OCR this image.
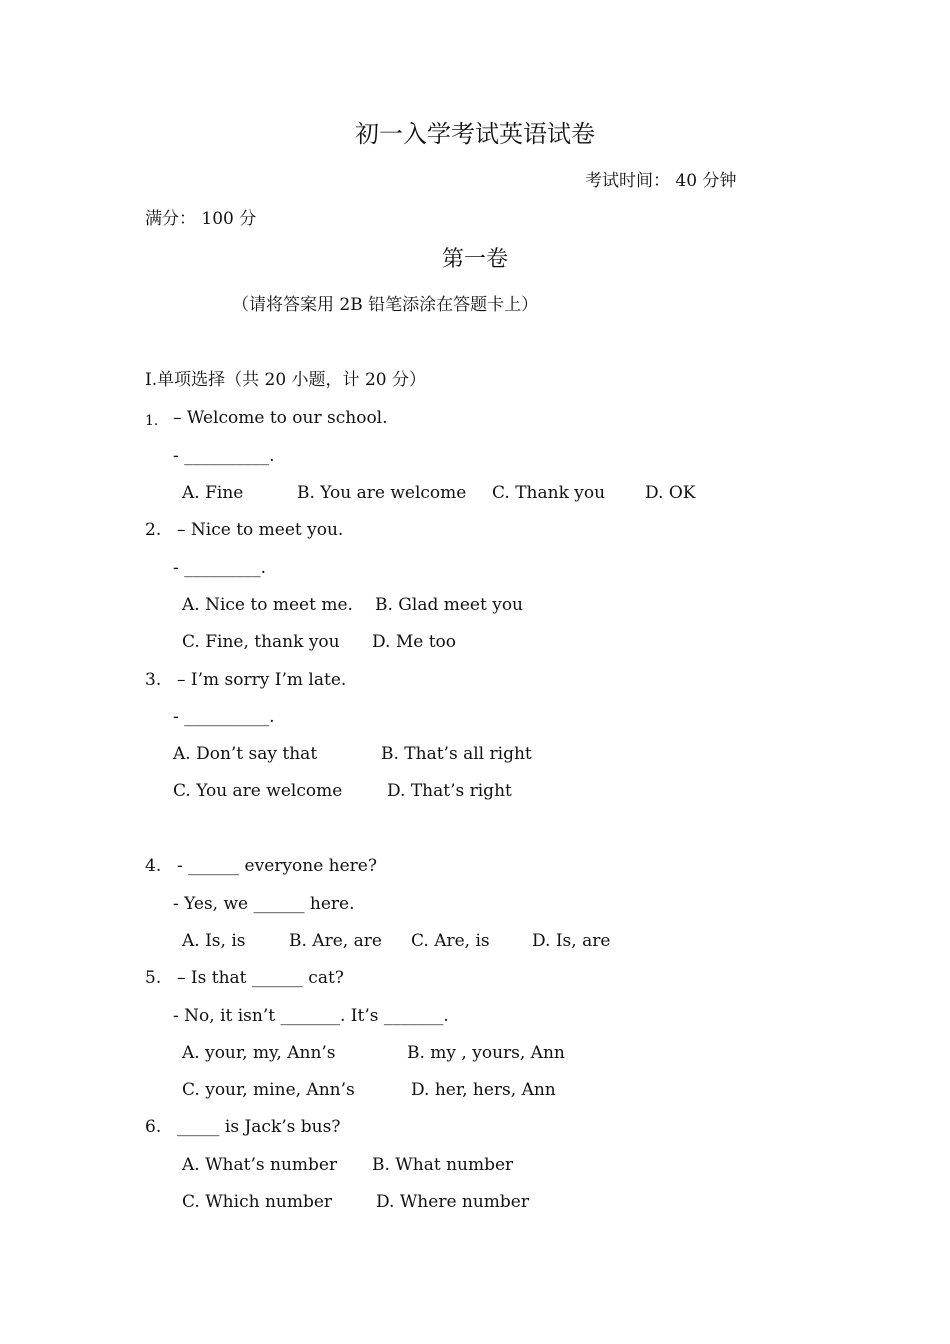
初一入学考试英语试卷
考试时间： 40 分钟
满分： 100 分
第一卷
（请将答案用 2B 铅笔添涂在答题卡上）
I.单项选择（共 20 小题，计 20 分）
1. – Welcome to our school.
- __________.
A. Fine	B. You are welcome C. Thank you D. OK
2. – Nice to meet you.
- _________.
A. Nice to meet me. B. Glad meet you
C. Fine, thank you D. Me too
3. – I’m sorry I’m late.
- __________.
A. Don’t say that	B. That’s all right
C. You are welcome	D. That’s right
4. - ______ everyone here?
- Yes, we ______ here.
A. Is, is	B. Are, are C. Are, is D. Is, are
5. – Is that ______ cat?
- No, it isn’t _______. It’s _______.
A. your, my, Ann’s	B. my , yours, Ann
C. your, mine, Ann’s	D. her, hers, Ann
6. _____ is Jack’s bus?
A. What’s number B. What number
C. Which number	D. Where number
